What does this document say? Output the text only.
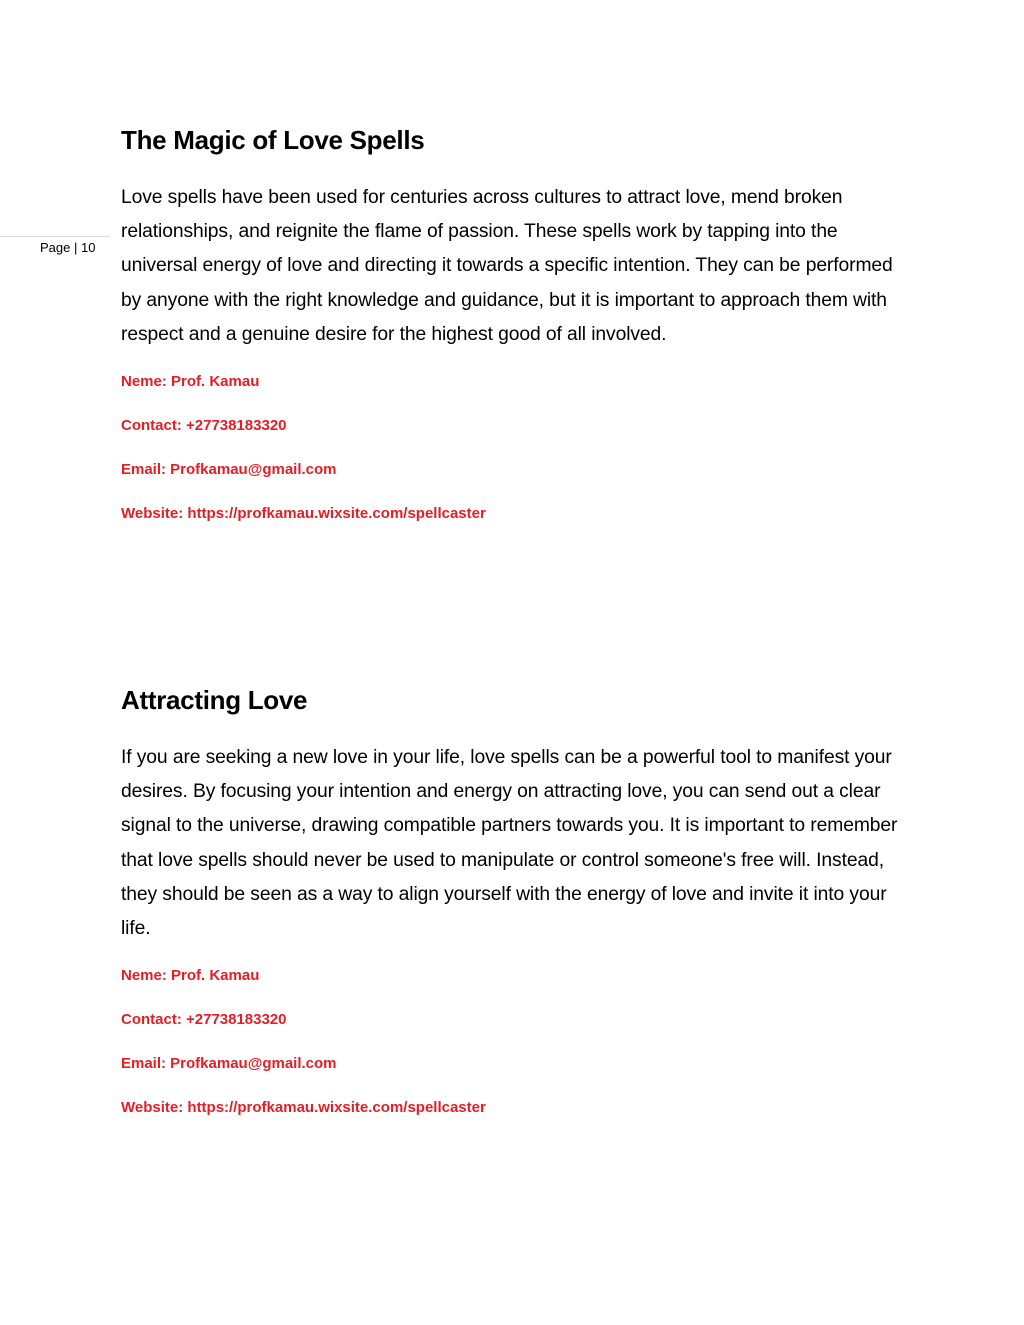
Page | 10
The Magic of Love Spells

Love spells have been used for centuries across cultures to attract love, mend broken relationships, and reignite the flame of passion. These spells work by tapping into the universal energy of love and directing it towards a specific intention. They can be performed by anyone with the right knowledge and guidance, but it is important to approach them with respect and a genuine desire for the highest good of all involved.

Neme: Prof. Kamau

Contact: +27738183320

Email: Profkamau@gmail.com

Website: https://profkamau.wixsite.com/spellcaster

Attracting Love

If you are seeking a new love in your life, love spells can be a powerful tool to manifest your desires. By focusing your intention and energy on attracting love, you can send out a clear signal to the universe, drawing compatible partners towards you. It is important to remember that love spells should never be used to manipulate or control someone's free will. Instead, they should be seen as a way to align yourself with the energy of love and invite it into your life.

Neme: Prof. Kamau

Contact: +27738183320

Email: Profkamau@gmail.com

Website: https://profkamau.wixsite.com/spellcaster
